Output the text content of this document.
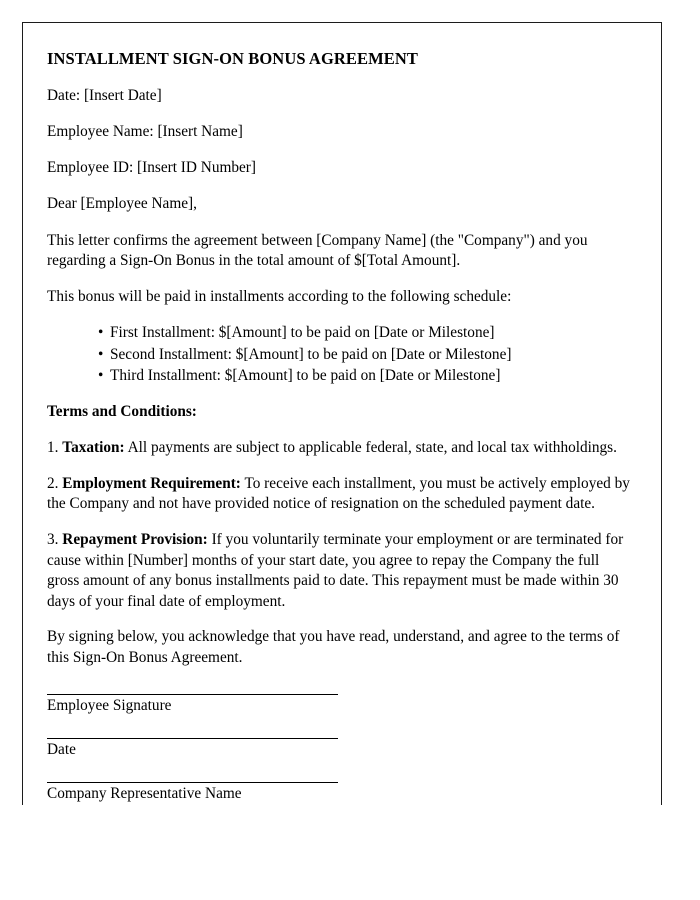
INSTALLMENT SIGN-ON BONUS AGREEMENT

Date: [Insert Date]

Employee Name: [Insert Name]

Employee ID: [Insert ID Number]

Dear [Employee Name],

This letter confirms the agreement between [Company Name] (the "Company") and you regarding a Sign-On Bonus in the total amount of $[Total Amount].

This bonus will be paid in installments according to the following schedule:

• First Installment: $[Amount] to be paid on [Date or Milestone]
• Second Installment: $[Amount] to be paid on [Date or Milestone]
• Third Installment: $[Amount] to be paid on [Date or Milestone]

Terms and Conditions:

1. Taxation: All payments are subject to applicable federal, state, and local tax withholdings.

2. Employment Requirement: To receive each installment, you must be actively employed by the Company and not have provided notice of resignation on the scheduled payment date.

3. Repayment Provision: If you voluntarily terminate your employment or are terminated for cause within [Number] months of your start date, you agree to repay the Company the full gross amount of any bonus installments paid to date. This repayment must be made within 30 days of your final date of employment.

By signing below, you acknowledge that you have read, understand, and agree to the terms of this Sign-On Bonus Agreement.

Employee Signature
Date
Company Representative Name
